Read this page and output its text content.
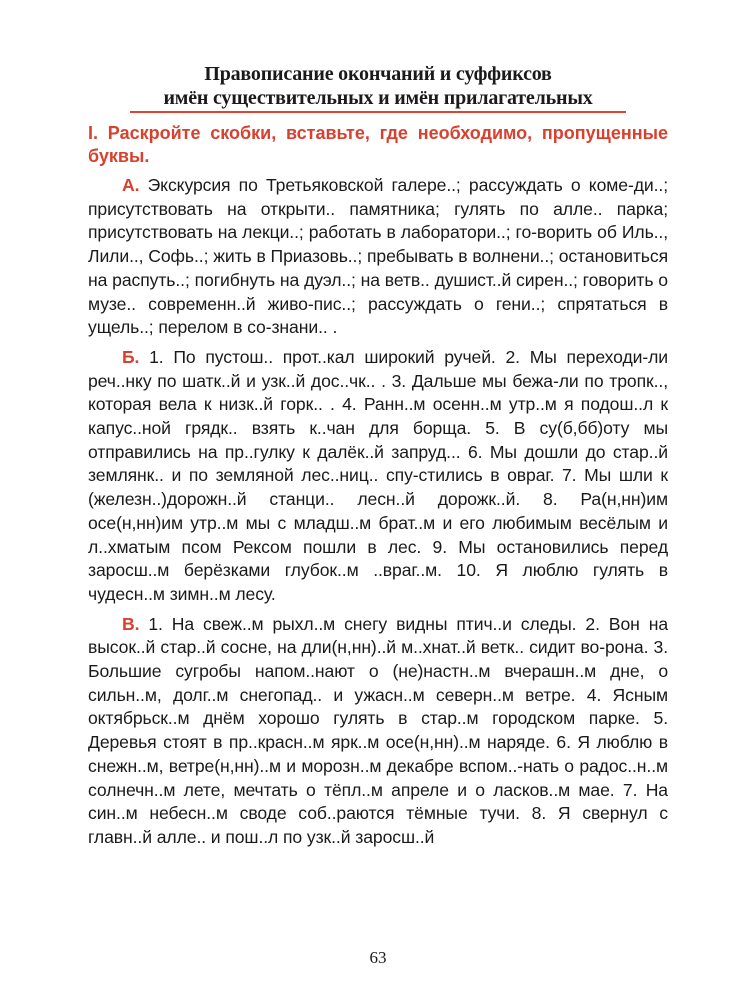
Правописание окончаний и суффиксов
имён существительных и имён прилагательных

I. Раскройте скобки, вставьте, где необходимо, пропущенные буквы.

А. Экскурсия по Третьяковской галере..; рассуждать о коме-ди..; присутствовать на открыти.. памятника; гулять по алле.. парка; присутствовать на лекци..; работать в лаборатори..; го-ворить об Иль.., Лили.., Софь..; жить в Приазовь..; пребывать в волнени..; остановиться на распуть..; погибнуть на дуэл..; на ветв.. душист..й сирен..; говорить о музе.. современн..й живо-пис..; рассуждать о гени..; спрятаться в ущель..; перелом в со-знани.. .

Б. 1. По пустош.. прот..кал широкий ручей. 2. Мы переходи-ли реч..нку по шатк..й и узк..й дос..чк.. . 3. Дальше мы бежа-ли по тропк.., которая вела к низк..й горк.. . 4. Ранн..м осенн..м утр..м я подош..л к капус..ной грядк.. взять к..чан для борща. 5. В су(б,бб)оту мы отправились на пр..гулку к далёк..й запруд... 6. Мы дошли до стар..й землянк.. и по земляной лес..ниц.. спу-стились в овраг. 7. Мы шли к (железн..)дорожн..й станци.. лесн..й дорожк..й. 8. Ра(н,нн)им осе(н,нн)им утр..м мы с младш..м брат..м и его любимым весёлым и л..хматым псом Рексом пошли в лес. 9. Мы остановились перед заросш..м берёзками глубок..м ..враг..м. 10. Я люблю гулять в чудесн..м зимн..м лесу.

В. 1. На свеж..м рыхл..м снегу видны птич..и следы. 2. Вон на высок..й стар..й сосне, на дли(н,нн)..й м..хнат..й ветк.. сидит во-рона. 3. Большие сугробы напом..нают о (не)настн..м вчерашн..м дне, о сильн..м, долг..м снегопад.. и ужасн..м северн..м ветре. 4. Ясным октябрьск..м днём хорошо гулять в стар..м городском парке. 5. Деревья стоят в пр..красн..м ярк..м осе(н,нн)..м наряде. 6. Я люблю в снежн..м, ветре(н,нн)..м и морозн..м декабре вспом..-нать о радос..н..м солнечн..м лете, мечтать о тёпл..м апреле и о ласков..м мае. 7. На син..м небесн..м своде соб..раются тёмные тучи. 8. Я свернул с главн..й алле.. и пош..л по узк..й заросш..й

63
